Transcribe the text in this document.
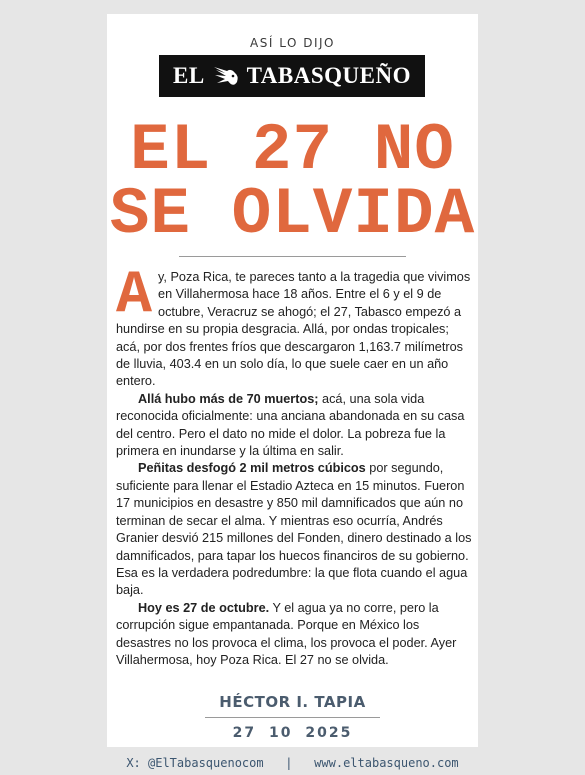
ASÍ LO DIJO
EL TABASQUEÑO
EL 27 NO
SE OLVIDA

Ay, Poza Rica, te pareces tanto a la tragedia que vivimos en Villahermosa hace 18 años. Entre el 6 y el 9 de octubre, Veracruz se ahogó; el 27, Tabasco empezó a hundirse en su propia desgracia. Allá, por ondas tropicales; acá, por dos frentes fríos que descargaron 1,163.7 milímetros de lluvia, 403.4 en un solo día, lo que suele caer en un año entero.

Allá hubo más de 70 muertos; acá, una sola vida reconocida oficialmente: una anciana abandonada en su casa del centro. Pero el dato no mide el dolor. La pobreza fue la primera en inundarse y la última en salir.

Peñitas desfogó 2 mil metros cúbicos por segundo, suficiente para llenar el Estadio Azteca en 15 minutos. Fueron 17 municipios en desastre y 850 mil damnificados que aún no terminan de secar el alma. Y mientras eso ocurría, Andrés Granier desvió 215 millones del Fonden, dinero destinado a los damnificados, para tapar los huecos financiros de su gobierno. Esa es la verdadera podredumbre: la que flota cuando el agua baja.

Hoy es 27 de octubre. Y el agua ya no corre, pero la corrupción sigue empantanada. Porque en México los desastres no los provoca el clima, los provoca el poder. Ayer Villahermosa, hoy Poza Rica. El 27 no se olvida.

HÉCTOR I. TAPIA
27 10 2025
X: @ElTabasquenocom   |   www.eltabasqueno.com
